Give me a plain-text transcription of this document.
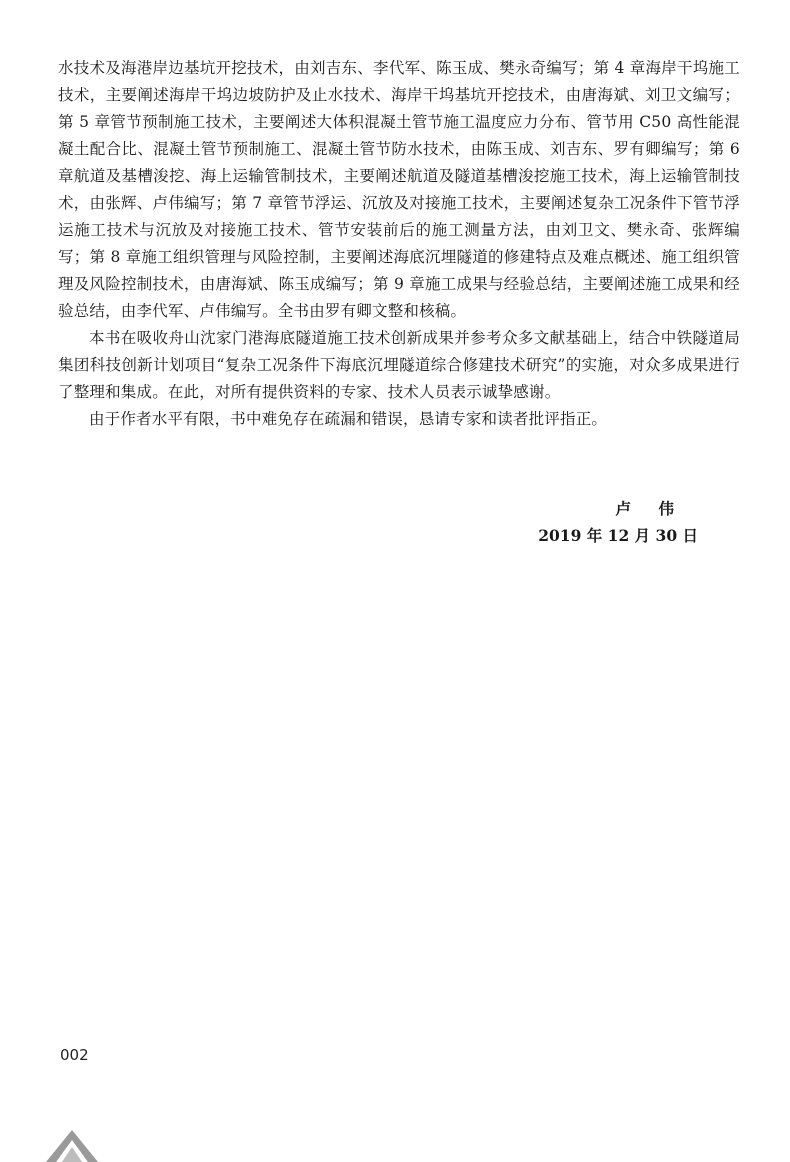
水技术及海港岸边基坑开挖技术，由刘吉东、李代军、陈玉成、樊永奇编写；第 4 章海岸干坞施工技术，主要阐述海岸干坞边坡防护及止水技术、海岸干坞基坑开挖技术，由唐海斌、刘卫文编写；第 5 章管节预制施工技术，主要阐述大体积混凝土管节施工温度应力分布、管节用 C50 高性能混凝土配合比、混凝土管节预制施工、混凝土管节防水技术，由陈玉成、刘吉东、罗有卿编写；第 6 章航道及基槽浚挖、海上运输管制技术，主要阐述航道及隧道基槽浚挖施工技术，海上运输管制技术，由张辉、卢伟编写；第 7 章管节浮运、沉放及对接施工技术，主要阐述复杂工况条件下管节浮运施工技术与沉放及对接施工技术、管节安装前后的施工测量方法，由刘卫文、樊永奇、张辉编写；第 8 章施工组织管理与风险控制，主要阐述海底沉埋隧道的修建特点及难点概述、施工组织管理及风险控制技术，由唐海斌、陈玉成编写；第 9 章施工成果与经验总结，主要阐述施工成果和经验总结，由李代军、卢伟编写。全书由罗有卿文整和核稿。

本书在吸收舟山沈家门港海底隧道施工技术创新成果并参考众多文献基础上，结合中铁隧道局集团科技创新计划项目“复杂工况条件下海底沉埋隧道综合修建技术研究”的实施，对众多成果进行了整理和集成。在此，对所有提供资料的专家、技术人员表示诚挚感谢。

由于作者水平有限，书中难免存在疏漏和错误，恳请专家和读者批评指正。

卢　伟
2019 年 12 月 30 日
002
